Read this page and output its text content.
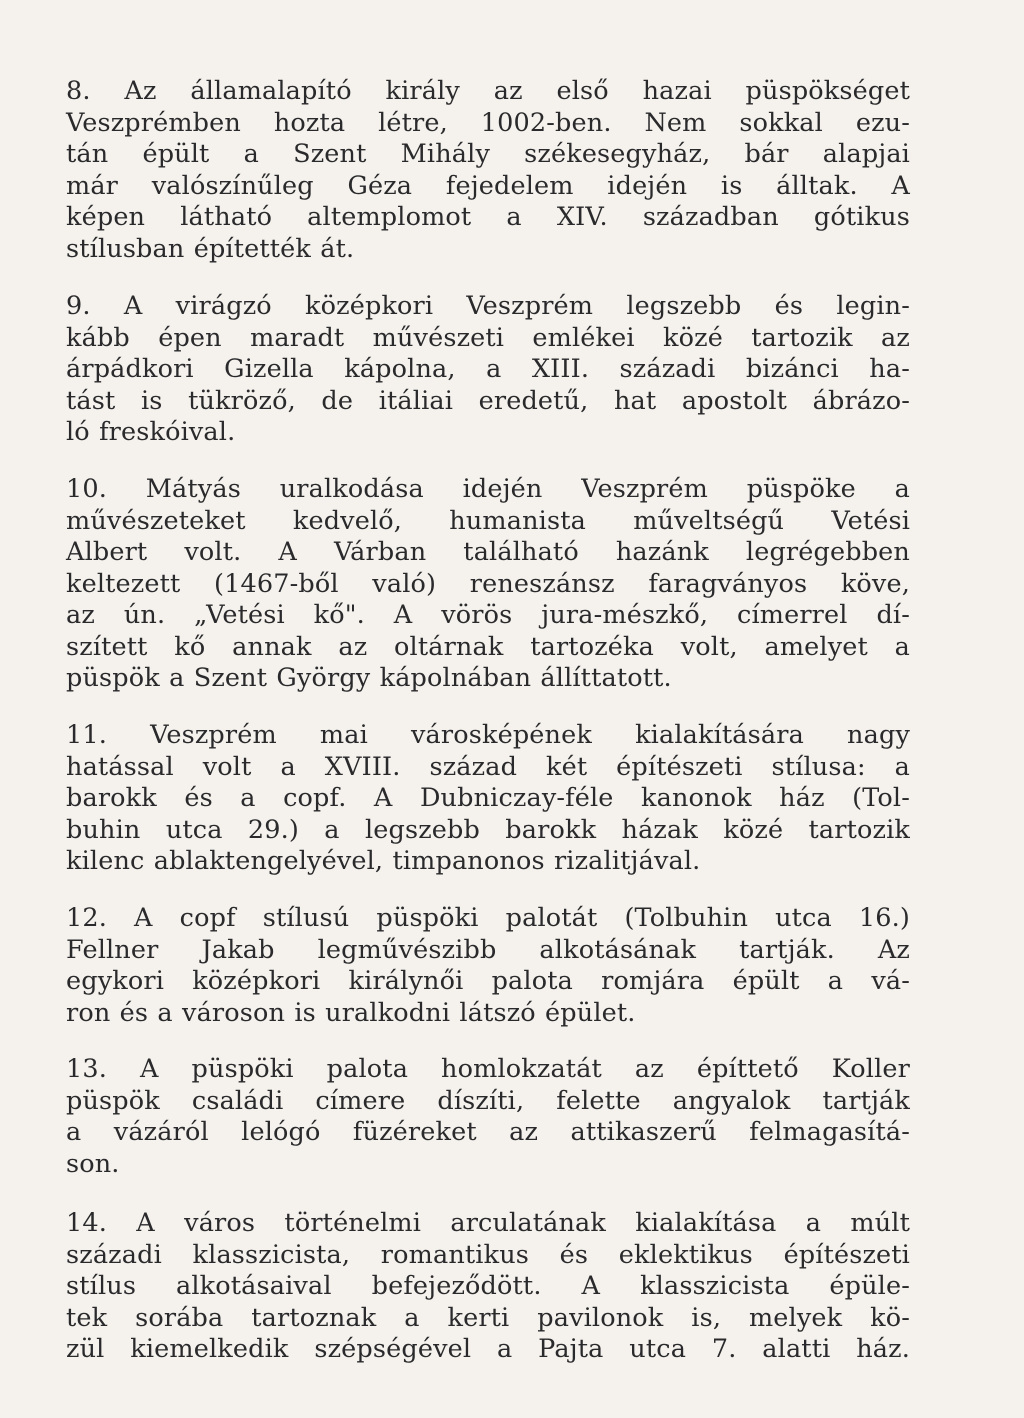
8. Az államalapító király az első hazai püspökséget
Veszprémben hozta létre, 1002-ben. Nem sokkal ezu-
tán épült a Szent Mihály székesegyház, bár alapjai
már valószínűleg Géza fejedelem idején is álltak. A
képen látható altemplomot a XIV. században gótikus
stílusban építették át.
9. A virágzó középkori Veszprém legszebb és legin-
kább épen maradt művészeti emlékei közé tartozik az
árpádkori Gizella kápolna, a XIII. századi bizánci ha-
tást is tükröző, de itáliai eredetű, hat apostolt ábrázo-
ló freskóival.
10. Mátyás uralkodása idején Veszprém püspöke a
művészeteket kedvelő, humanista műveltségű Vetési
Albert volt. A Várban található hazánk legrégebben
keltezett (1467-ből való) reneszánsz faragványos köve,
az ún. „Vetési kő". A vörös jura-mészkő, címerrel dí-
szített kő annak az oltárnak tartozéka volt, amelyet a
püspök a Szent György kápolnában állíttatott.
11. Veszprém mai városképének kialakítására nagy
hatással volt a XVIII. század két építészeti stílusa: a
barokk és a copf. A Dubniczay-féle kanonok ház (Tol-
buhin utca 29.) a legszebb barokk házak közé tartozik
kilenc ablaktengelyével, timpanonos rizalitjával.
12. A copf stílusú püspöki palotát (Tolbuhin utca 16.)
Fellner Jakab legművészibb alkotásának tartják. Az
egykori középkori királynői palota romjára épült a vá-
ron és a városon is uralkodni látszó épület.
13. A püspöki palota homlokzatát az építtető Koller
püspök családi címere díszíti, felette angyalok tartják
a vázáról lelógó füzéreket az attikaszerű felmagasítá-
son.
14. A város történelmi arculatának kialakítása a múlt
századi klasszicista, romantikus és eklektikus építészeti
stílus alkotásaival befejeződött. A klasszicista épüle-
tek sorába tartoznak a kerti pavilonok is, melyek kö-
zül kiemelkedik szépségével a Pajta utca 7. alatti ház.
